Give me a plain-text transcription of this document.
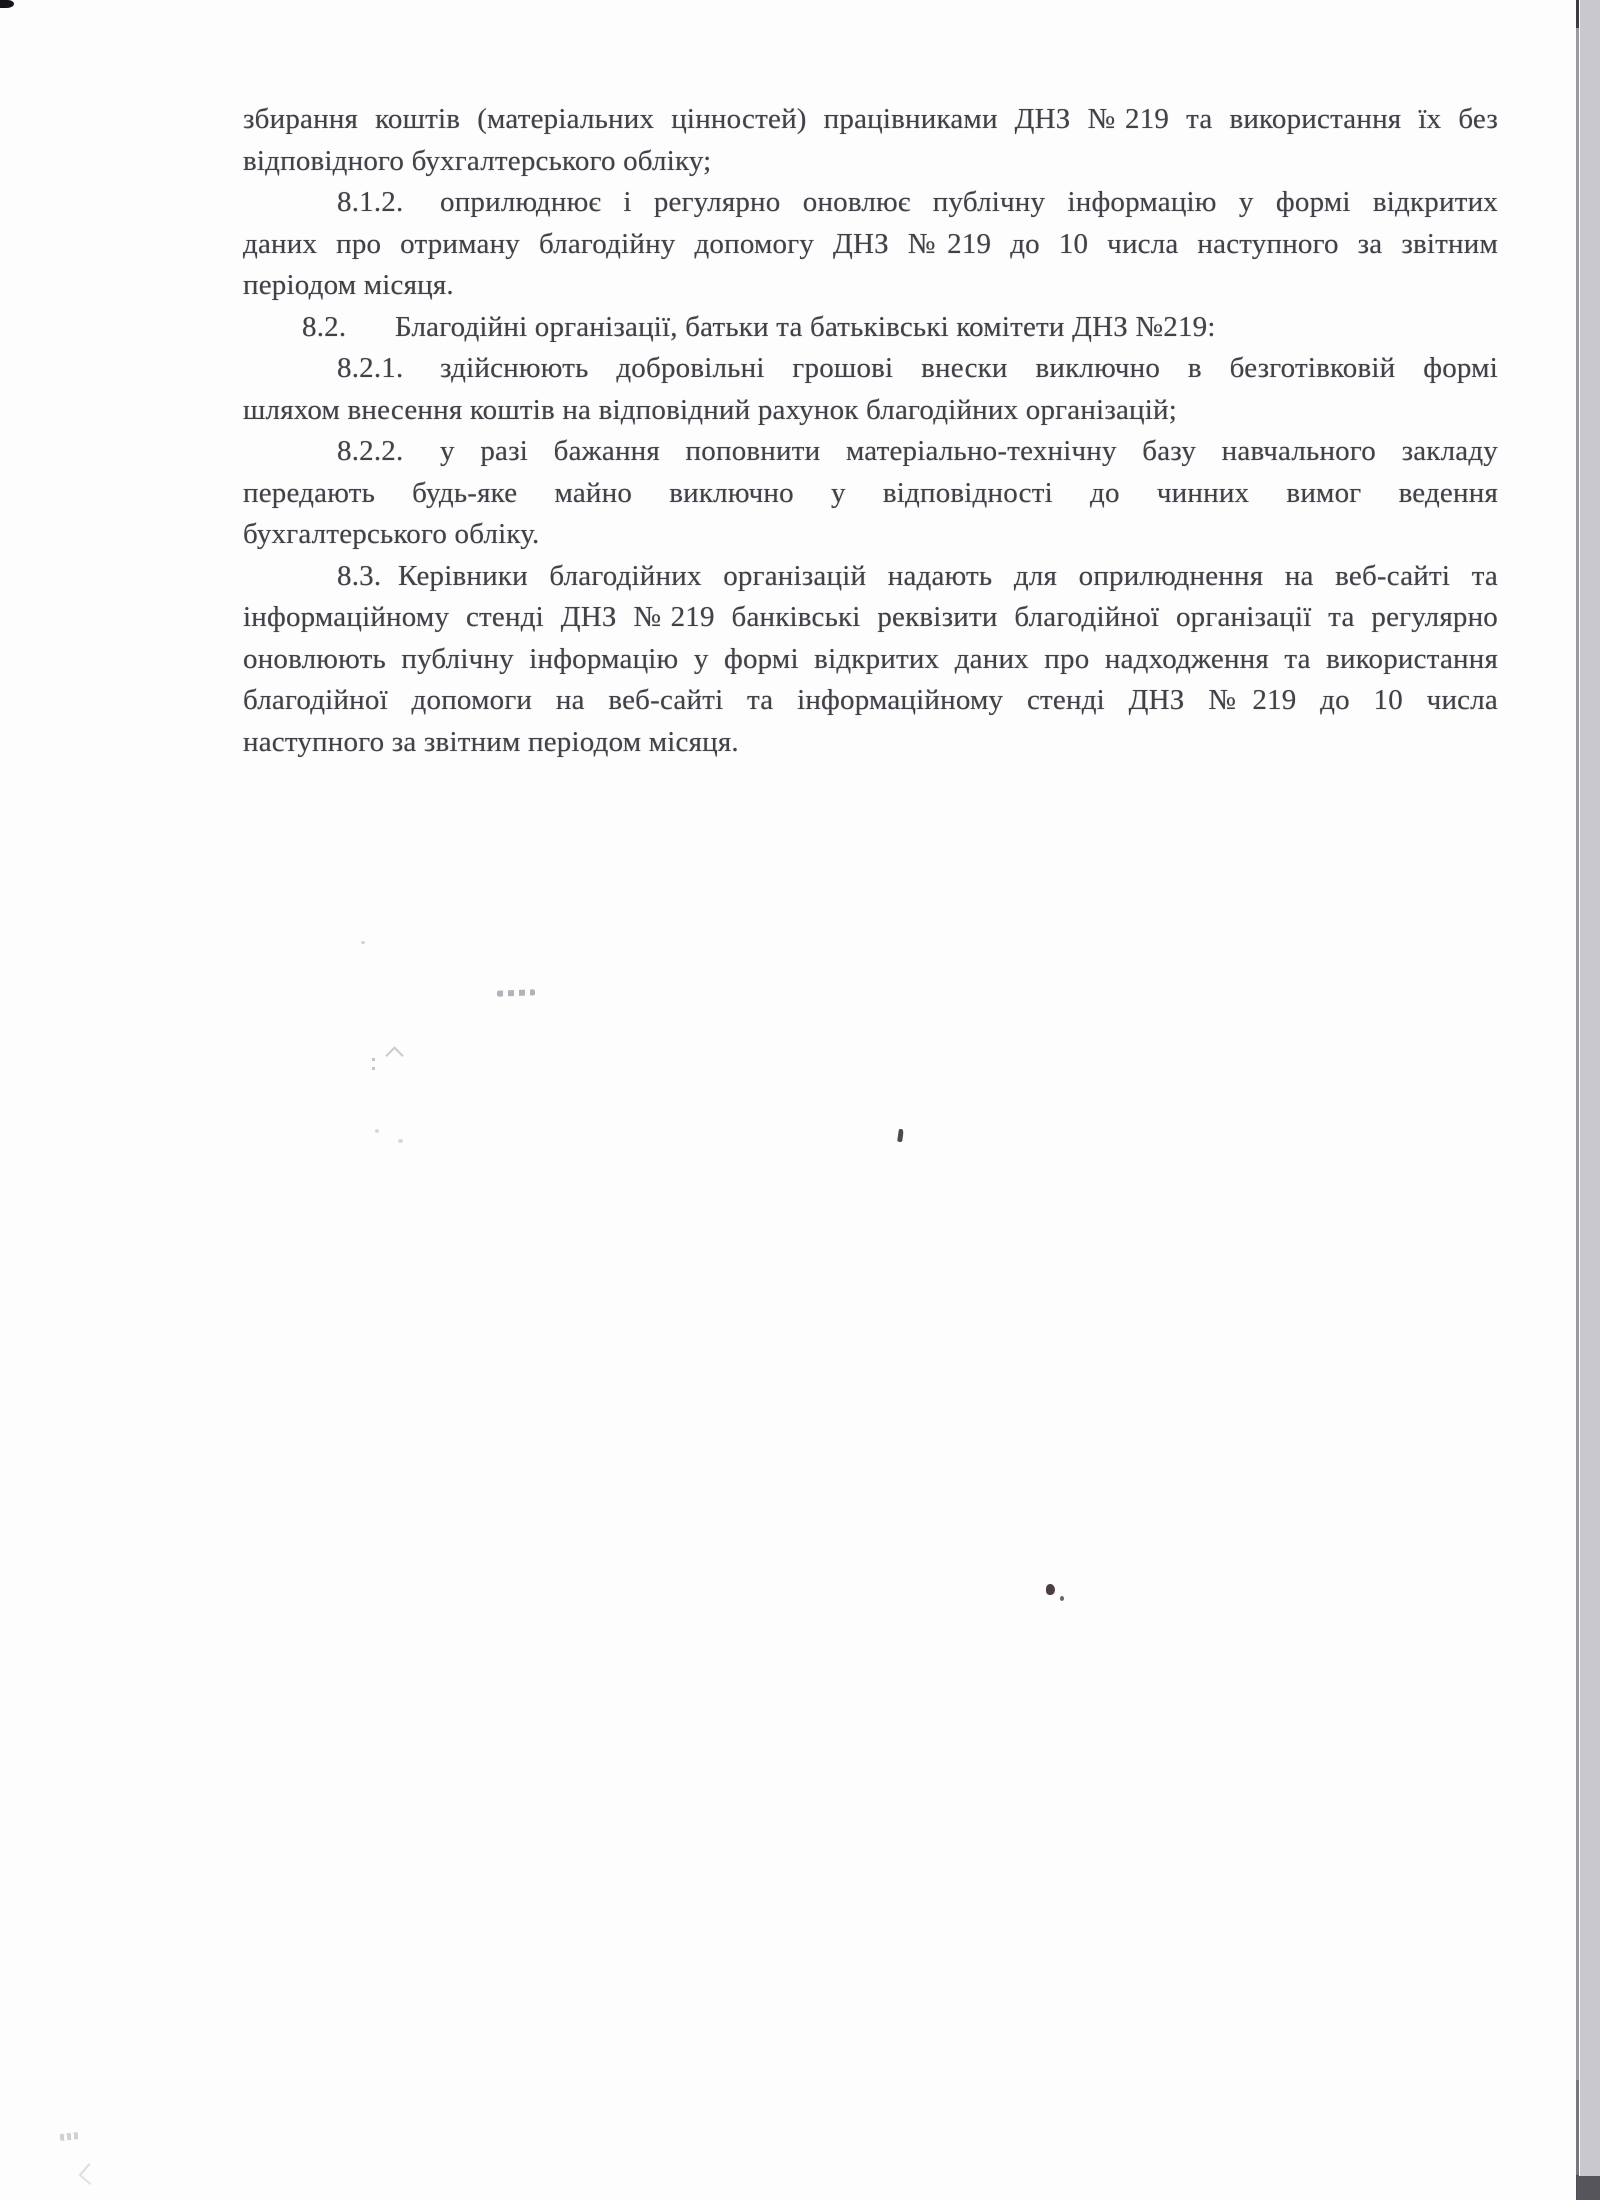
збирання коштів (матеріальних цінностей) працівниками ДНЗ №219 та використання їх без
відповідного бухгалтерського обліку;
8.1.2. оприлюднює і регулярно оновлює публічну інформацію у формі відкритих
даних про отриману благодійну допомогу ДНЗ №219 до 10 числа наступного за звітним
періодом місяця.
8.2. Благодійні організації, батьки та батьківські комітети ДНЗ №219:
8.2.1. здійснюють добровільні грошові внески виключно в безготівковій формі
шляхом внесення коштів на відповідний рахунок благодійних організацій;
8.2.2. у разі бажання поповнити матеріально-технічну базу навчального закладу
передають будь-яке майно виключно у відповідності до чинних вимог ведення
бухгалтерського обліку.
8.3. Керівники благодійних організацій надають для оприлюднення на веб-сайті та
інформаційному стенді ДНЗ №219 банківські реквізити благодійної організації та регулярно
оновлюють публічну інформацію у формі відкритих даних про надходження та використання
благодійної допомоги на веб-сайті та інформаційному стенді ДНЗ №219 до 10 числа
наступного за звітним періодом місяця.
